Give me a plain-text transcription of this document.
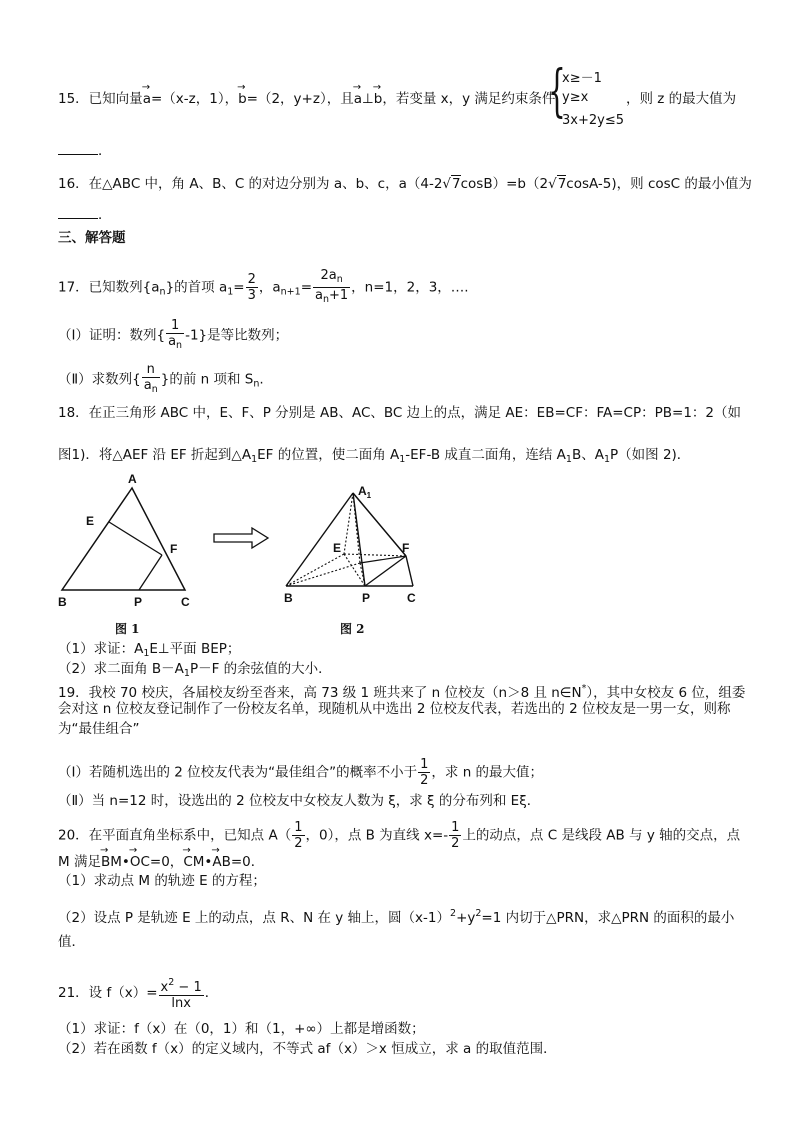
15．已知向量→ a=（x-z，1），→ b=（2，y+z），且→ a⊥→ b，若变量 x，y 满足约束条件
{
x≥－1
y≥x
3x+2y≤5
，则 z 的最大值为
．
16．在△ABC 中，角 A、B、C 的对边分别为 a、b、c，a（4-2√7cosB）=b（2√7cosA-5)，则 cosC 的最小值为
．
三、解答题
17．已知数列$\{a_n\}$的首项 $a_1= \frac{2}{3}$ ，$a_{n+1}= \frac{2a_n}{a_n+1}$ ，n=1，2，3，….
（Ⅰ）证明：数列{ $\frac{1}{a_n} -1$}是等比数列；
（Ⅱ）求数列{ $\frac{n}{a_n}$ }的前 n 项和 $S_n$.
18．在正三角形 ABC 中，E、F、P 分别是 AB、AC、BC 边上的点，满足 AE：EB=CF：FA=CP：PB=1：2（如
图1)．将△AEF 沿 EF 折起到$\triangle A_1EF$ 的位置，使二面角 $A_1-EF-B$ 成直二面角，连结 $A_1B$、$A_1P$（如图 2)．
A
E
F
B	P	C
图 1
$A_1$
E	F
B	P	C
图 2
（1）求证：$A_1E\perp$平面 BEP；
（2）求二面角 $B-A_1P-F$ 的余弦值的大小．
19．我校 70 校庆，各届校友纷至沓来，高 73 级 1 班共来了 n 位校友（n＞8 且 n∈N*），其中女校友 6 位，组委
会对这 n 位校友登记制作了一份校友名单，现随机从中选出 2 位校友代表，若选出的 2 位校友是一男一女，则称
为“最佳组合”
（Ⅰ）若随机选出的 2 位校友代表为“最佳组合”的概率不小于 $\frac{1}{2}$ ，求 n 的最大值；
（Ⅱ）当 n=12 时，设选出的 2 位校友中女校友人数为 ξ，求 ξ 的分布列和 Eξ．
20．在平面直角坐标系中，已知点 $A( \frac{1}{2}$ ，0），点 B 为直线 $x=- \frac{1}{2}$ 上的动点，点 C 是线段 AB 与 y 轴的交点，点
M 满足→ BM•→ OC=0，→ CM•→ AB=0．
（1）求动点 M 的轨迹 E 的方程；
（2）设点 P 是轨迹 E 上的动点，点 R、N 在 y 轴上，圆$(x-1)^2+y^2=1$ 内切于△PRN，求△PRN 的面积的最小
值．
21．设 $f(x)= \frac{x^2 - 1}{\ln x}$ ．
（1）求证：f（x）在（0，1）和（1，+∞）上都是增函数；
（2）若在函数 f（x）的定义域内，不等式 af（x）＞x 恒成立，求 a 的取值范围．
